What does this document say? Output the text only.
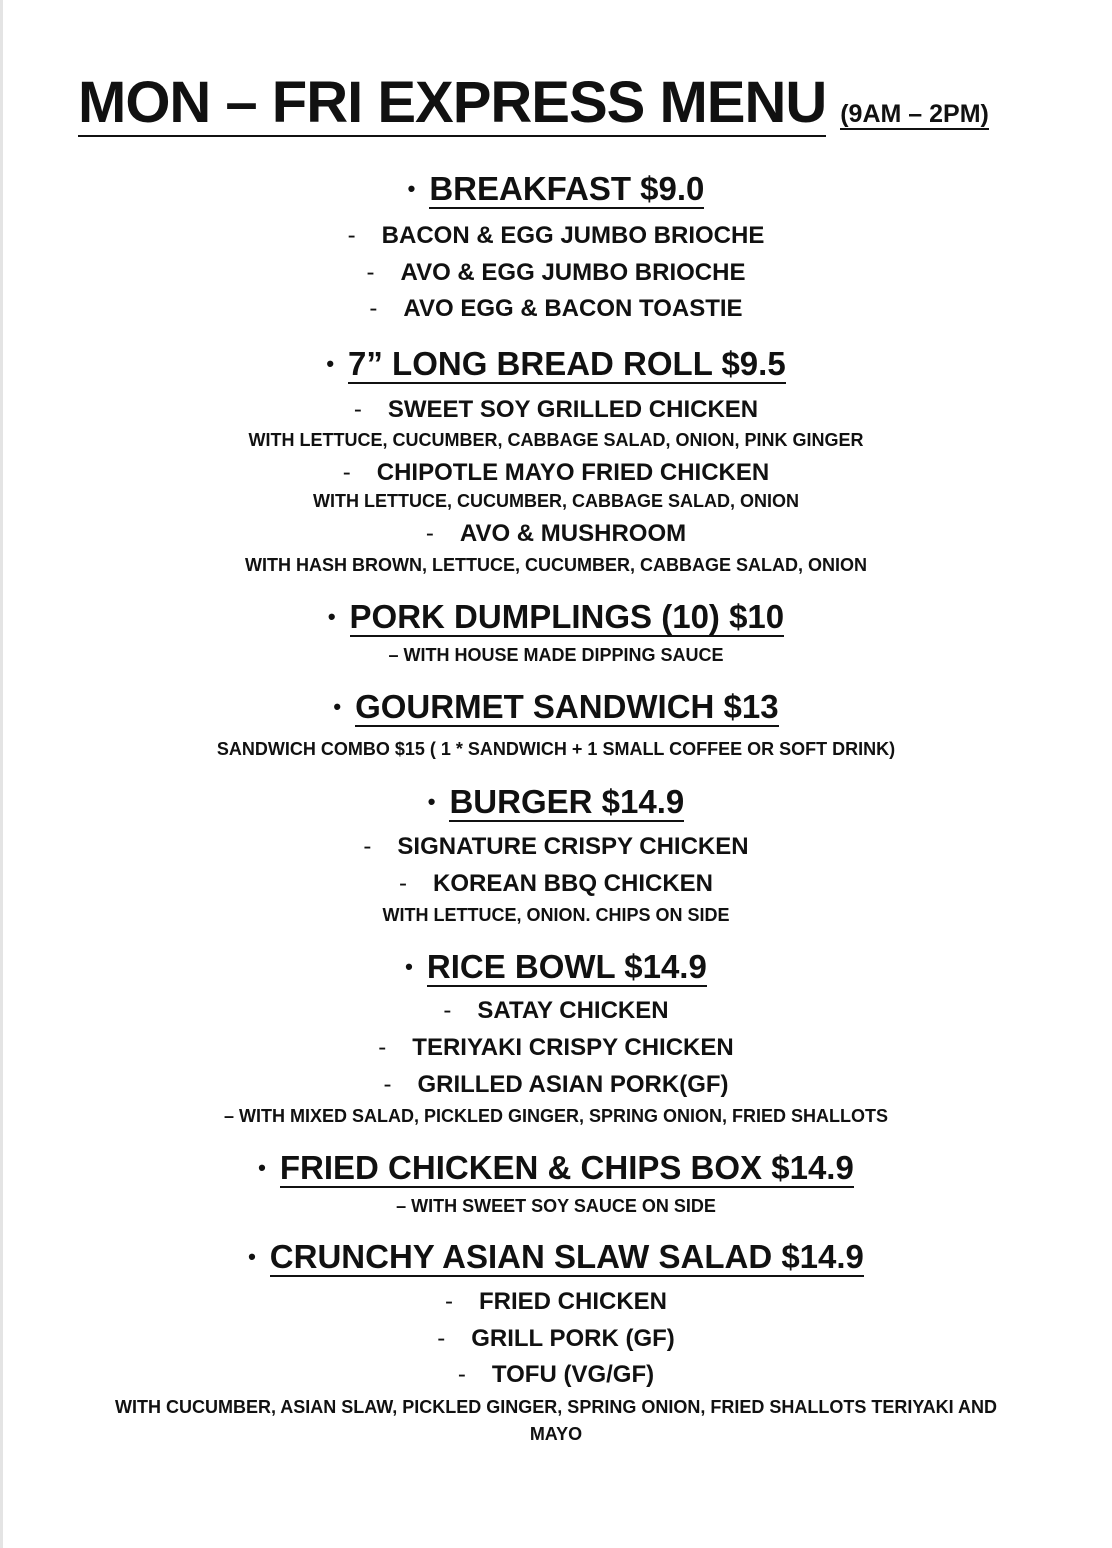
MON – FRI EXPRESS MENU (9AM – 2PM)
• BREAKFAST $9.0
- BACON & EGG JUMBO BRIOCHE
- AVO & EGG JUMBO BRIOCHE
- AVO EGG & BACON TOASTIE
• 7” LONG BREAD ROLL $9.5
- SWEET SOY GRILLED CHICKEN
WITH LETTUCE, CUCUMBER, CABBAGE SALAD, ONION, PINK GINGER
- CHIPOTLE MAYO FRIED CHICKEN
WITH LETTUCE, CUCUMBER, CABBAGE SALAD, ONION
- AVO & MUSHROOM
WITH HASH BROWN, LETTUCE, CUCUMBER, CABBAGE SALAD, ONION
• PORK DUMPLINGS (10) $10
– WITH HOUSE MADE DIPPING SAUCE
• GOURMET SANDWICH $13
SANDWICH COMBO $15 ( 1 * SANDWICH + 1 SMALL COFFEE OR SOFT DRINK)
• BURGER $14.9
- SIGNATURE CRISPY CHICKEN
- KOREAN BBQ CHICKEN
WITH LETTUCE, ONION. CHIPS ON SIDE
• RICE BOWL $14.9
- SATAY CHICKEN
- TERIYAKI CRISPY CHICKEN
- GRILLED ASIAN PORK(GF)
– WITH MIXED SALAD, PICKLED GINGER, SPRING ONION, FRIED SHALLOTS
• FRIED CHICKEN & CHIPS BOX $14.9
– WITH SWEET SOY SAUCE ON SIDE
• CRUNCHY ASIAN SLAW SALAD $14.9
- FRIED CHICKEN
- GRILL PORK (GF)
- TOFU (VG/GF)
WITH CUCUMBER, ASIAN SLAW, PICKLED GINGER, SPRING ONION, FRIED SHALLOTS TERIYAKI AND
MAYO
